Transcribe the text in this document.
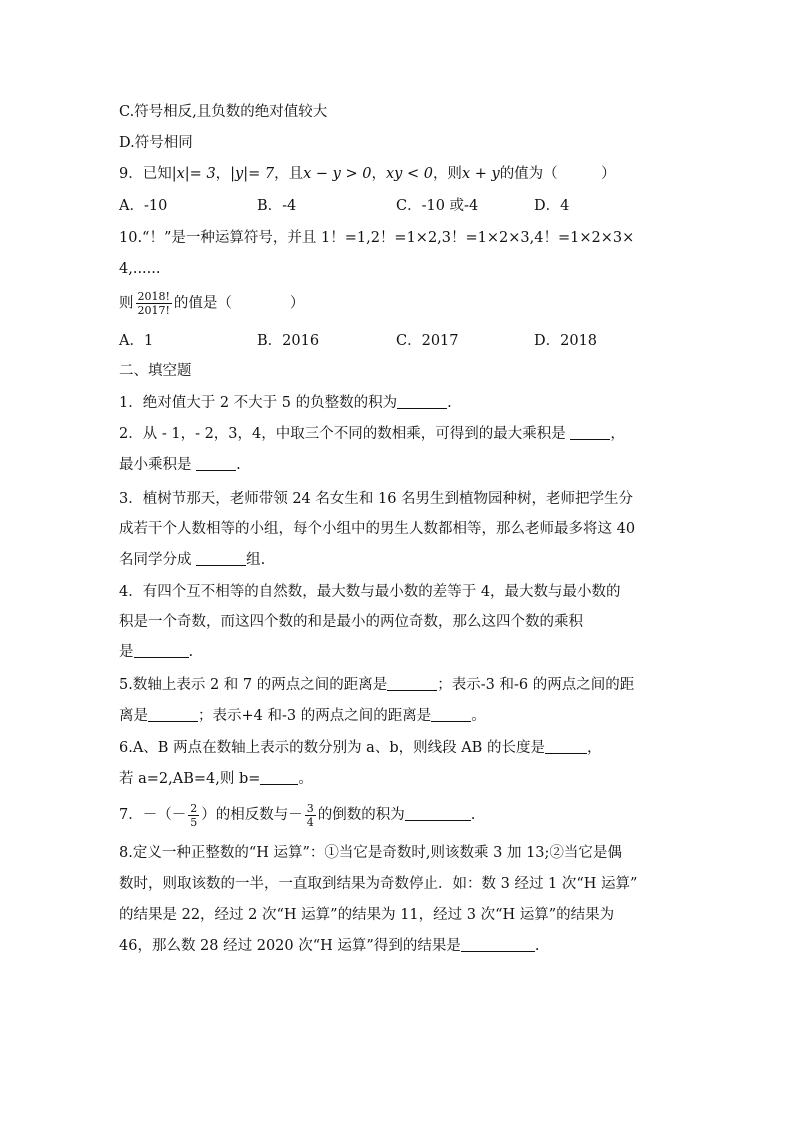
C.符号相反,且负数的绝对值较大
D.符号相同
9．已知|x|= 3，|y|= 7，且x − y > 0，xy < 0，则x + y的值为（　　　）
A．-10	B．-4	C．-10 或-4	D．4
10.“！”是一种运算符号，并且 1！=1,2！=1×2,3！=1×2×3,4！=1×2×3×
4,......
则 $\frac{2018!}{2017!}$ 的值是（　　　　）
A．1	B．2016	C．2017	D．2018
二、填空题
1．绝对值大于 2 不大于 5 的负整数的积为	.
2．从 - 1，- 2，3，4，中取三个不同的数相乘，可得到的最大乘积是	，
最小乘积是	.
3．植树节那天，老师带领 24 名女生和 16 名男生到植物园种树，老师把学生分
成若干个人数相等的小组，每个小组中的男生人数都相等，那么老师最多将这 40
名同学分成	组.
4．有四个互不相等的自然数，最大数与最小数的差等于 4，最大数与最小数的
积是一个奇数，而这四个数的和是最小的两位奇数，那么这四个数的乘积
是	.
5.数轴上表示 2 和 7 的两点之间的距离是	；表示-3 和-6 的两点之间的距
离是	；表示+4 和-3 的两点之间的距离是	。
6.A、B 两点在数轴上表示的数分别为 a、b，则线段 AB 的长度是	，
若 a=2,AB=4,则 b=	。
7．－（－ $\frac{2}{5}$ ）的相反数与－ $\frac{3}{4}$ 的倒数的积为	.
8.定义一种正整数的“H 运算”：①当它是奇数时,则该数乘 3 加 13;②当它是偶
数时，则取该数的一半，一直取到结果为奇数停止．如：数 3 经过 1 次“H 运算”
的结果是 22，经过 2 次“H 运算”的结果为 11，经过 3 次“H 运算”的结果为
46，那么数 28 经过 2020 次“H 运算”得到的结果是	.
